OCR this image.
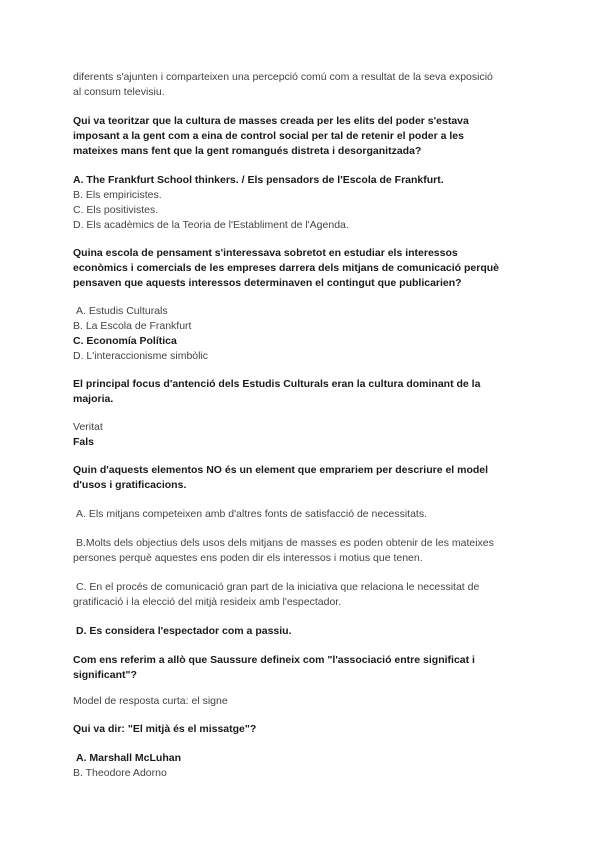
diferents s'ajunten i comparteixen una percepció comú com a resultat de la seva exposició
al consum televisiu.
Qui va teoritzar que la cultura de masses creada per les elits del poder s'estava
imposant a la gent com a eina de control social per tal de retenir el poder a les
mateixes mans fent que la gent romangués distreta i desorganitzada?
A. The Frankfurt School thinkers. / Els pensadors de l'Escola de Frankfurt.
B. Els empiricistes.
C. Els positivistes.
D. Els acadèmics de la Teoria de l'Establiment de l'Agenda.
Quina escola de pensament s'interessava sobretot en estudiar els interessos
econòmics i comercials de les empreses darrera dels mitjans de comunicació perquè
pensaven que aquests interessos determinaven el contingut que publicarien?
A. Estudis Culturals
B. La Escola de Frankfurt
C. Economía Política
D. L'interaccionisme simbòlic
El principal focus d'antenció dels Estudis Culturals eran la cultura dominant de la
majoria.
Veritat
Fals
Quin d'aquests elementos NO és un element que emprariem per descriure el model
d'usos i gratificacions.
A. Els mitjans competeixen amb d'altres fonts de satisfacció de necessitats.
B.Molts dels objectius dels usos dels mitjans de masses es poden obtenir de les mateixes
persones perquè aquestes ens poden dir els interessos i motius que tenen.
C. En el procés de comunicació gran part de la iniciativa que relaciona le necessitat de
gratificació i la elecció del mitjà resideix amb l'espectador.
D. Es considera l'espectador com a passiu.
Com ens referim a allò que Saussure defineix com "l'associació entre significat i
significant"?
Model de resposta curta: el signe
Qui va dir: "El mitjà és el missatge"?
A. Marshall McLuhan
B. Theodore Adorno
